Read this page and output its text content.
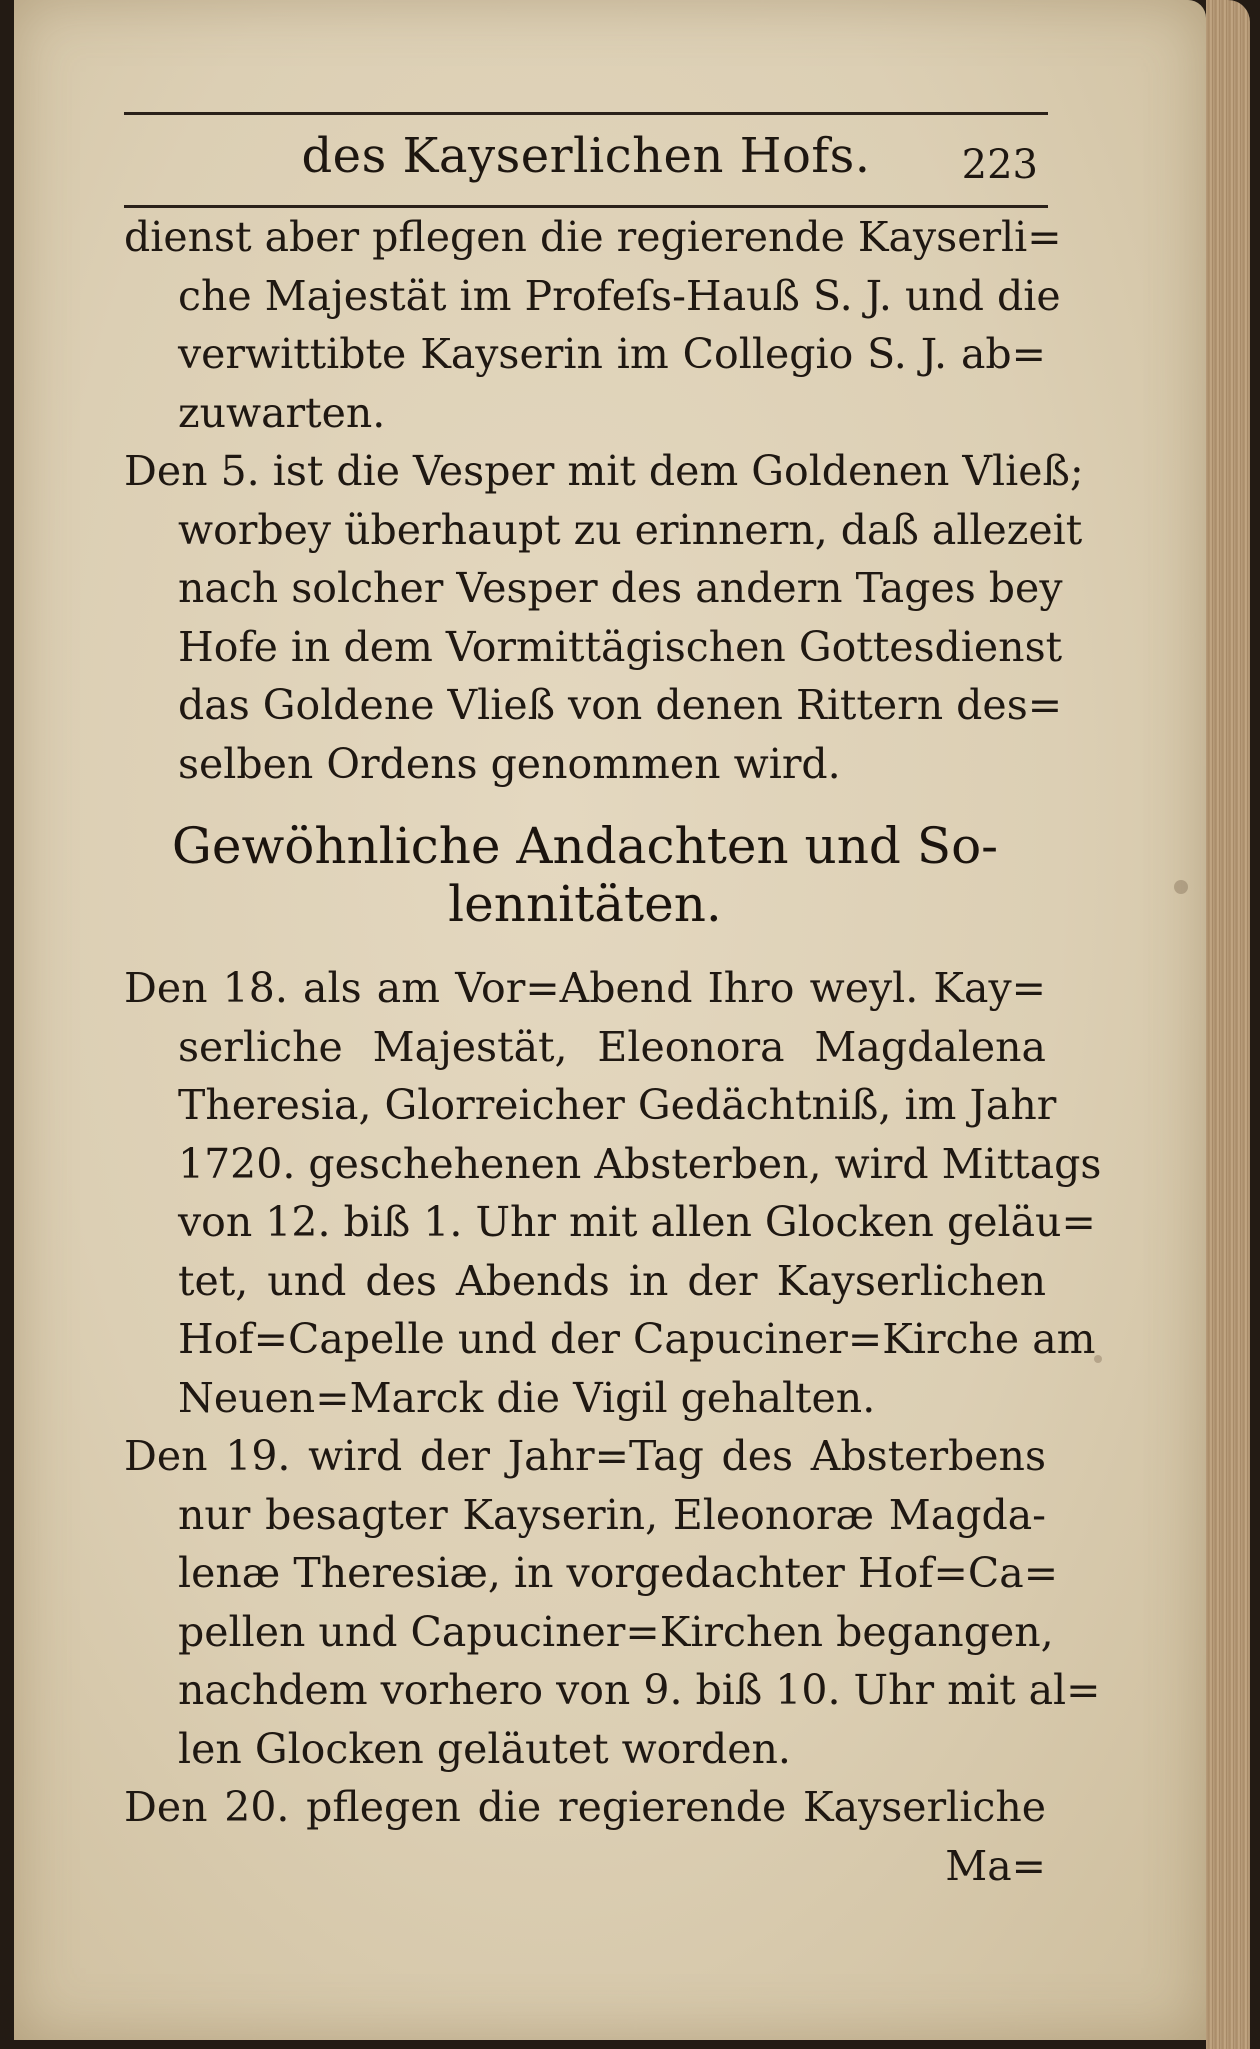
des Kayserlichen Hofs.	223

dienst aber pflegen die regierende Kayserli=
che Majestät im Profeſs-Hauß S. J. und die
verwittibte Kayserin im Collegio S. J. ab=
zuwarten.

Den 5. ist die Vesper mit dem Goldenen Vließ;
worbey überhaupt zu erinnern, daß allezeit
nach solcher Vesper des andern Tages bey
Hofe in dem Vormittägischen Gottesdienst
das Goldene Vließ von denen Rittern des=
selben Ordens genommen wird.

Gewöhnliche Andachten und So-
lennitäten.

Den 18. als am Vor=Abend Ihro weyl. Kay=
serliche Majestät, Eleonora Magdalena
Theresia, Glorreicher Gedächtniß, im Jahr
1720. geschehenen Absterben, wird Mittags
von 12. biß 1. Uhr mit allen Glocken geläu=
tet, und des Abends in der Kayserlichen
Hof=Capelle und der Capuciner=Kirche am
Neuen=Marck die Vigil gehalten.

Den 19. wird der Jahr=Tag des Absterbens
nur besagter Kayserin, Eleonoræ Magda-
lenæ Theresiæ, in vorgedachter Hof=Ca=
pellen und Capuciner=Kirchen begangen,
nachdem vorhero von 9. biß 10. Uhr mit al=
len Glocken geläutet worden.

Den 20. pflegen die regierende Kayserliche

Ma=
